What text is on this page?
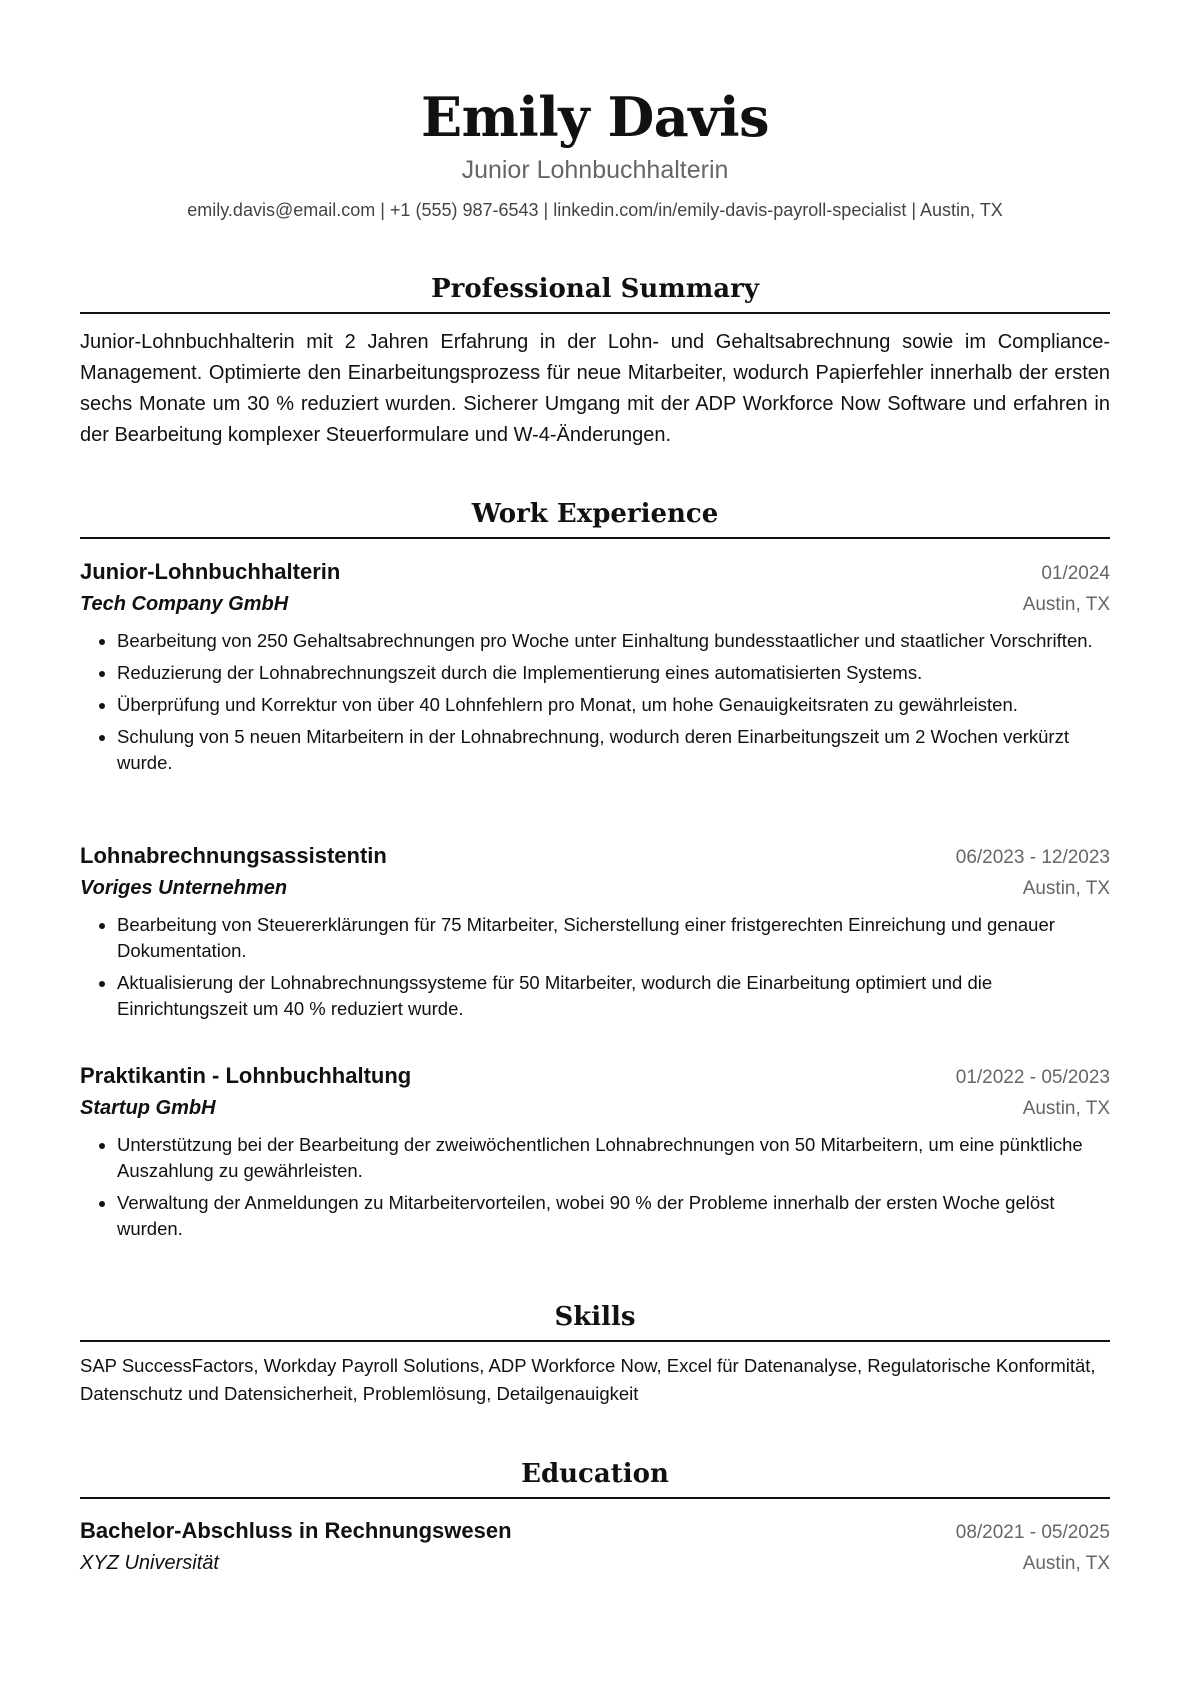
Emily Davis
Junior Lohnbuchhalterin
emily.davis@email.com | +1 (555) 987-6543 | linkedin.com/in/emily-davis-payroll-specialist | Austin, TX
Professional Summary
Junior-Lohnbuchhalterin mit 2 Jahren Erfahrung in der Lohn- und Gehaltsabrechnung sowie im Compliance-Management. Optimierte den Einarbeitungsprozess für neue Mitarbeiter, wodurch Papierfehler innerhalb der ersten sechs Monate um 30 % reduziert wurden. Sicherer Umgang mit der ADP Workforce Now Software und erfahren in der Bearbeitung komplexer Steuerformulare und W-4-Änderungen.
Work Experience
Junior-Lohnbuchhalterin	01/2024
Tech Company GmbH	Austin, TX
• Bearbeitung von 250 Gehaltsabrechnungen pro Woche unter Einhaltung bundesstaatlicher und staatlicher Vorschriften.
• Reduzierung der Lohnabrechnungszeit durch die Implementierung eines automatisierten Systems.
• Überprüfung und Korrektur von über 40 Lohnfehlern pro Monat, um hohe Genauigkeitsraten zu gewährleisten.
• Schulung von 5 neuen Mitarbeitern in der Lohnabrechnung, wodurch deren Einarbeitungszeit um 2 Wochen verkürzt wurde.
Lohnabrechnungsassistentin	06/2023 - 12/2023
Voriges Unternehmen	Austin, TX
• Bearbeitung von Steuererklärungen für 75 Mitarbeiter, Sicherstellung einer fristgerechten Einreichung und genauer Dokumentation.
• Aktualisierung der Lohnabrechnungssysteme für 50 Mitarbeiter, wodurch die Einarbeitung optimiert und die Einrichtungszeit um 40 % reduziert wurde.
Praktikantin - Lohnbuchhaltung	01/2022 - 05/2023
Startup GmbH	Austin, TX
• Unterstützung bei der Bearbeitung der zweiwöchentlichen Lohnabrechnungen von 50 Mitarbeitern, um eine pünktliche Auszahlung zu gewährleisten.
• Verwaltung der Anmeldungen zu Mitarbeitervorteilen, wobei 90 % der Probleme innerhalb der ersten Woche gelöst wurden.
Skills
SAP SuccessFactors, Workday Payroll Solutions, ADP Workforce Now, Excel für Datenanalyse, Regulatorische Konformität, Datenschutz und Datensicherheit, Problemlösung, Detailgenauigkeit
Education
Bachelor-Abschluss in Rechnungswesen	08/2021 - 05/2025
XYZ Universität	Austin, TX
